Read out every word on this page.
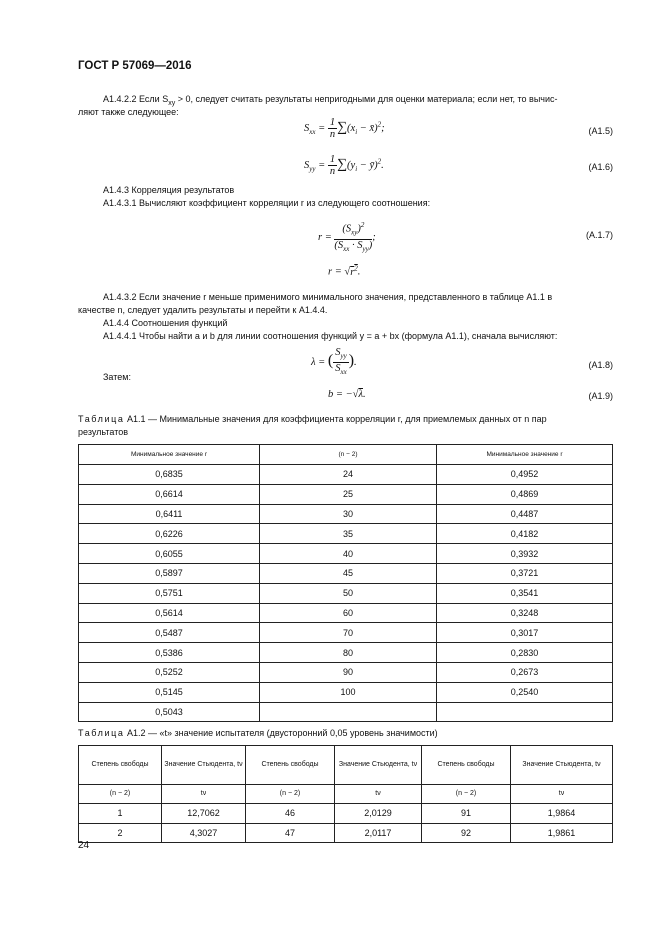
ГОСТ Р 57069—2016
А1.4.2.2 Если $S_{xy} > 0$, следует считать результаты непригодными для оценки материала; если нет, то вычис-
ляют также следующее:
$S_{xx} = \frac{1}{n} \sum(x_i$ − x̄)$^2$;	(А1.5)
$S_{yy} = \frac{1}{n} \sum(y_i$ − ȳ)$^2$.	(А1.6)
А1.4.3 Корреляция результатов
А1.4.3.1 Вычисляют коэффициент корреляции r из следующего соотношения:
$r = \frac{(S_{xy})^2}{(S_{xx} \cdot S_{yy})}$ ;	(А.1.7)
$r = √r^2$.
А1.4.3.2 Если значение r меньше применимого минимального значения, представленного в таблице А1.1 в
качестве n, следует удалить результаты и перейти к А1.4.4.
А1.4.4 Соотношения функций
А1.4.4.1 Чтобы найти a и b для линии соотношения функций y = a + bx (формула А1.1), сначала вычисляют:
λ = ( $\frac{S_{yy}}{S_{xx}}$ ).	(А1.8)
Затем:
b = −√λ.	(А1.9)
Таблица А1.1 — Минимальные значения для коэффициента корреляции r, для приемлемых данных от n пар
результатов
Минимальное значение r	(n − 2)	Минимальное значение r
0,6835	24	0,4952
0,6614	25	0,4869
0,6411	30	0,4487
0,6226	35	0,4182
0,6055	40	0,3932
0,5897	45	0,3721
0,5751	50	0,3541
0,5614	60	0,3248
0,5487	70	0,3017
0,5386	80	0,2830
0,5252	90	0,2673
0,5145	100	0,2540
0,5043		
Таблица А1.2 — «t» значение испытателя (двусторонний 0,05 уровень значимости)
Степень свободы	Значение Стьюдента, tν	Степень свободы	Значение Стьюдента, tν	Степень свободы	Значение Стьюдента, tν
(n − 2)	tν	(n − 2)	tν	(n − 2)	tν
1	12,7062	46	2,0129	91	1,9864
2	4,3027	47	2,0117	92	1,9861
24
